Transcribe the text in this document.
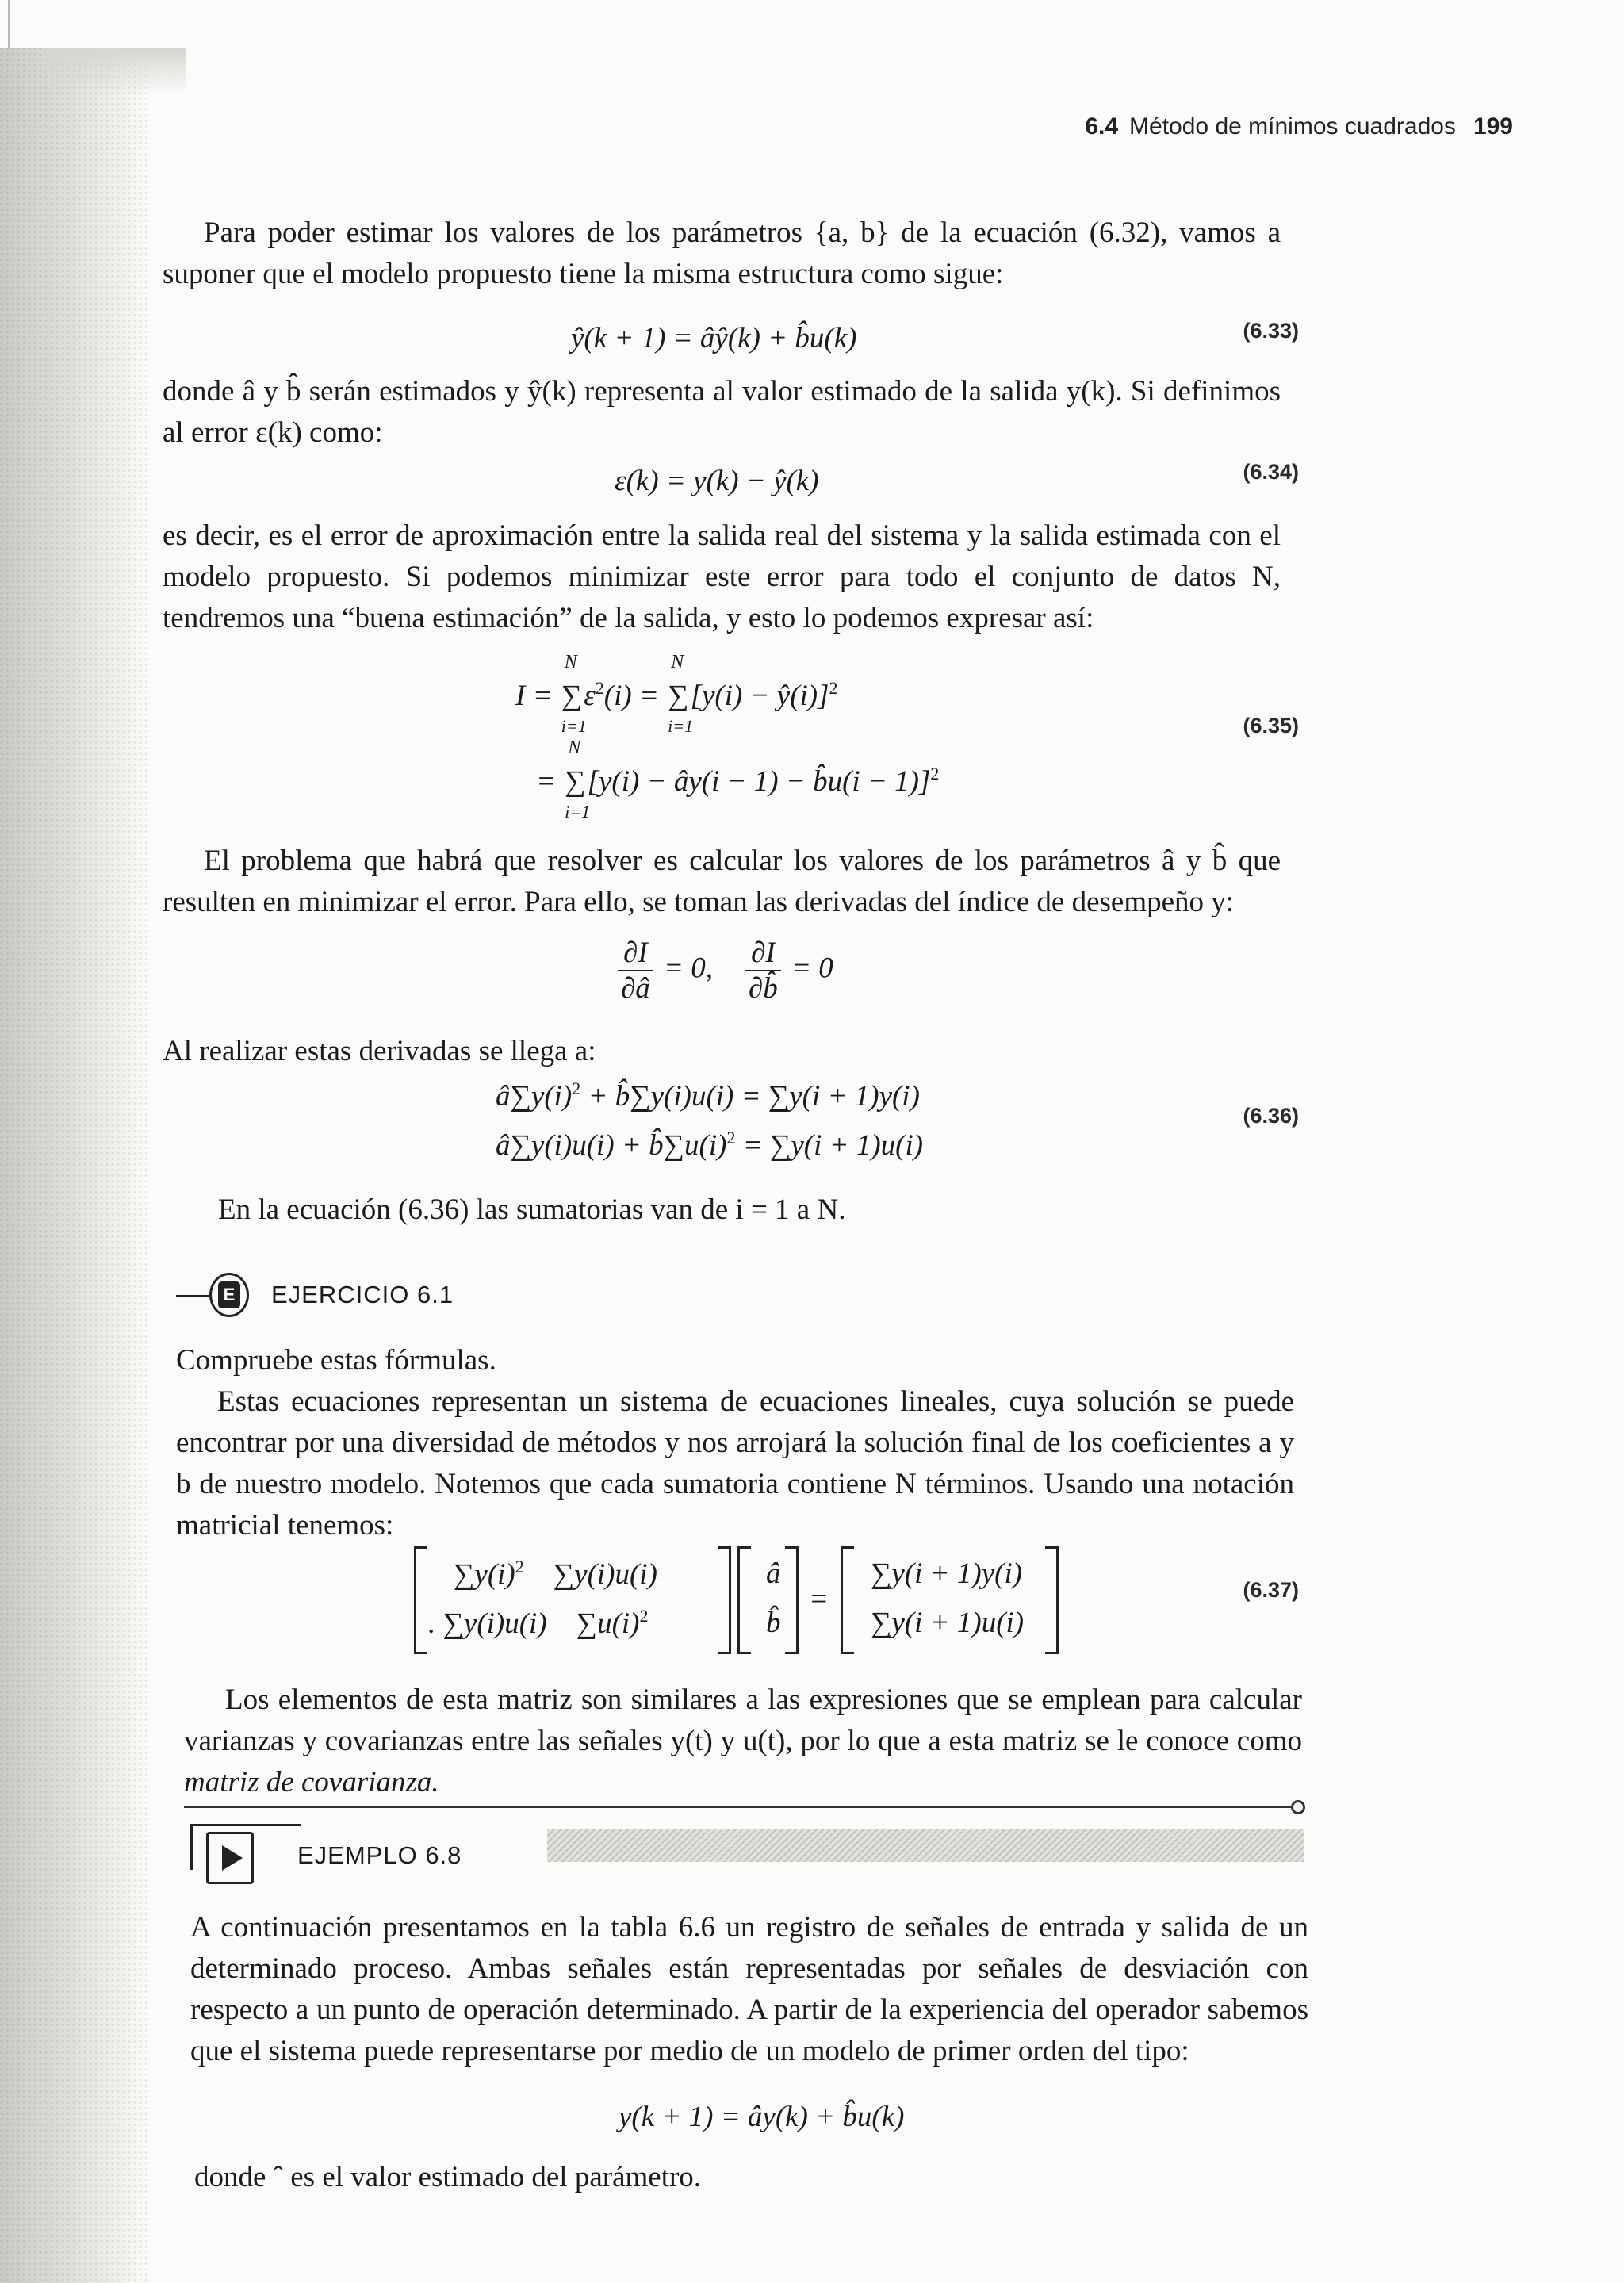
6.4 Método de mínimos cuadrados 199
Para poder estimar los valores de los parámetros {a, b} de la ecuación (6.32), vamos a suponer que el modelo propuesto tiene la misma estructura como sigue:
ŷ(k + 1) = âŷ(k) + b̂u(k)	(6.33)
donde â y b̂ serán estimados y ŷ(k) representa al valor estimado de la salida y(k). Si definimos al error ε(k) como:
ε(k) = y(k) − ŷ(k)	(6.34)
es decir, es el error de aproximación entre la salida real del sistema y la salida estimada con el modelo propuesto. Si podemos minimizar este error para todo el conjunto de datos N, tendremos una “buena estimación” de la salida, y esto lo podemos expresar así:
I =
N
∑
i=1
$\varepsilon^2(i)$ =
N
∑
i=1
[y(i) − ŷ(i)]$^2$
=
N
∑
i=1
[y(i) − ây(i − 1) − b̂u(i − 1)]$^2$
(6.35)
El problema que habrá que resolver es calcular los valores de los parámetros â y b̂ que resulten en minimizar el error. Para ello, se toman las derivadas del índice de desempeño y:
$\frac{\partial I}{\partial â} = 0$, $\frac{\partial I}{\partial b̂} = 0$
Al realizar estas derivadas se llega a:
$â\sum y(i)^2$ + b̂∑y(i)u(i) = ∑y(i + 1)y(i)
â∑y(i)u(i) + $b̂\sum u(i)^2 = \sum y(i + 1)u(i)$
(6.36)
En la ecuación (6.36) las sumatorias van de i = 1 a N.
E EJERCICIO 6.1
Compruebe estas fórmulas.
Estas ecuaciones representan un sistema de ecuaciones lineales, cuya solución se puede encontrar por una diversidad de métodos y nos arrojará la solución final de los coeficientes a y b de nuestro modelo. Notemos que cada sumatoria contiene N términos. Usando una notación matricial tenemos:
$\sum y(i)^2$ ∑y(i)u(i)
. ∑y(i)u(i)    $\sum u(i)^2$
â
b̂
=
∑y(i + 1)y(i)
∑y(i + 1)u(i)
(6.37)
Los elementos de esta matriz son similares a las expresiones que se emplean para calcular varianzas y covarianzas entre las señales y(t) y u(t), por lo que a esta matriz se le conoce como matriz de covarianza.
EJEMPLO 6.8
A continuación presentamos en la tabla 6.6 un registro de señales de entrada y salida de un determinado proceso. Ambas señales están representadas por señales de desviación con respecto a un punto de operación determinado. A partir de la experiencia del operador sabemos que el sistema puede representarse por medio de un modelo de primer orden del tipo:
y(k + 1) = ây(k) + b̂u(k)
donde ˆ es el valor estimado del parámetro.
